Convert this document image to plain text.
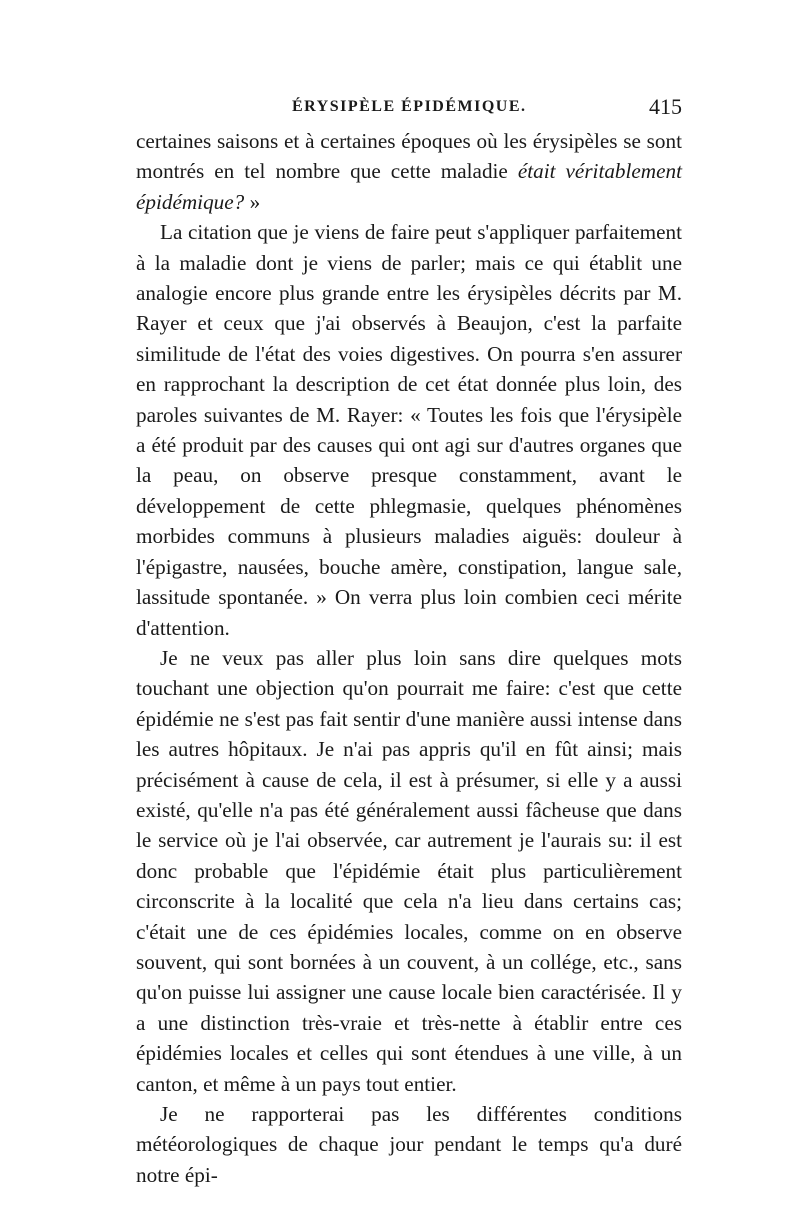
ÉRYSIPÈLE ÉPIDÉMIQUE.	415

certaines saisons et à certaines époques où les érysipèles se sont montrés en tel nombre que cette maladie était véritablement épidémique? »

La citation que je viens de faire peut s'appliquer parfaitement à la maladie dont je viens de parler; mais ce qui établit une analogie encore plus grande entre les érysipèles décrits par M. Rayer et ceux que j'ai observés à Beaujon, c'est la parfaite similitude de l'état des voies digestives. On pourra s'en assurer en rapprochant la description de cet état donnée plus loin, des paroles suivantes de M. Rayer: « Toutes les fois que l'érysipèle a été produit par des causes qui ont agi sur d'autres organes que la peau, on observe presque constamment, avant le développement de cette phlegmasie, quelques phénomènes morbides communs à plusieurs maladies aiguës: douleur à l'épigastre, nausées, bouche amère, constipation, langue sale, lassitude spontanée. » On verra plus loin combien ceci mérite d'attention.

Je ne veux pas aller plus loin sans dire quelques mots touchant une objection qu'on pourrait me faire: c'est que cette épidémie ne s'est pas fait sentir d'une manière aussi intense dans les autres hôpitaux. Je n'ai pas appris qu'il en fût ainsi; mais précisément à cause de cela, il est à présumer, si elle y a aussi existé, qu'elle n'a pas été généralement aussi fâcheuse que dans le service où je l'ai observée, car autrement je l'aurais su: il est donc probable que l'épidémie était plus particulièrement circonscrite à la localité que cela n'a lieu dans certains cas; c'était une de ces épidémies locales, comme on en observe souvent, qui sont bornées à un couvent, à un collége, etc., sans qu'on puisse lui assigner une cause locale bien caractérisée. Il y a une distinction très-vraie et très-nette à établir entre ces épidémies locales et celles qui sont étendues à une ville, à un canton, et même à un pays tout entier.

Je ne rapporterai pas les différentes conditions météorologiques de chaque jour pendant le temps qu'a duré notre épi-
